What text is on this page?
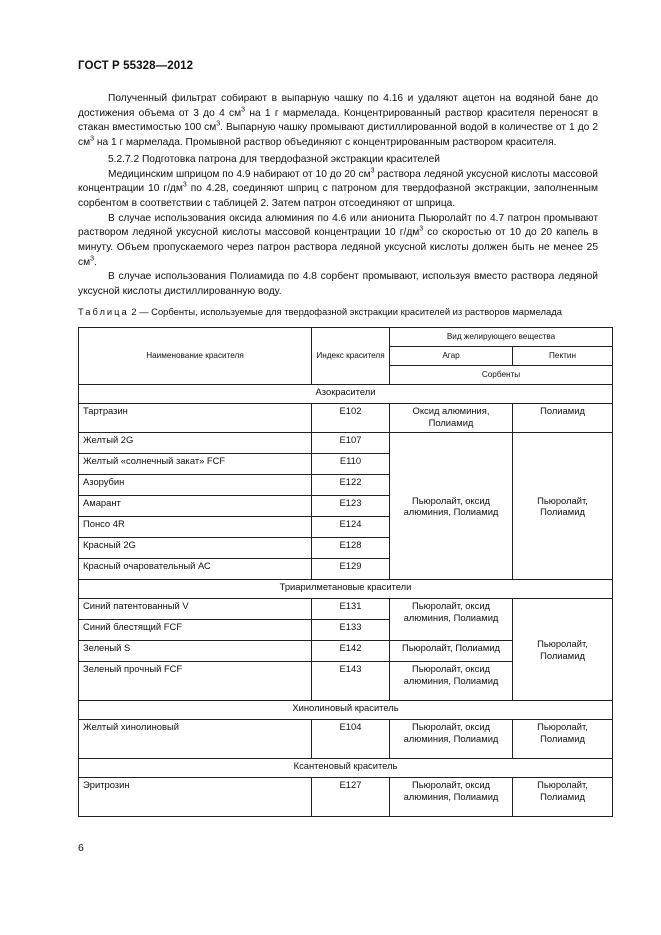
ГОСТ Р 55328—2012

Полученный фильтрат собирают в выпарную чашку по 4.16 и удаляют ацетон на водяной бане до достижения объема от 3 до 4 $см^3$ на 1 г мармелада. Концентрированный раствор красителя переносят в стакан вместимостью 100 $см^3$. Выпарную чашку промывают дистиллированной водой в количестве от 1 до 2 $см^3$ на 1 г мармелада. Промывной раствор объединяют с концентрированным раствором красителя.

5.2.7.2 Подготовка патрона для твердофазной экстракции красителей

Медицинским шприцом по 4.9 набирают от 10 до 20 $см^3$ раствора ледяной уксусной кислоты массовой концентрации 10 $г/дм^3$ по 4.28, соединяют шприц с патроном для твердофазной экстракции, заполненным сорбентом в соответствии с таблицей 2. Затем патрон отсоединяют от шприца.

В случае использования оксида алюминия по 4.6 или анионита Пьюролайт по 4.7 патрон промывают раствором ледяной уксусной кислоты массовой концентрации 10 $г/дм^3$ со скоростью от 10 до 20 капель в минуту. Объем пропускаемого через патрон раствора ледяной уксусной кислоты должен быть не менее 25 $см^3$.

В случае использования Полиамида по 4.8 сорбент промывают, используя вместо раствора ледяной уксусной кислоты дистиллированную воду.

Таблица 2 — Сорбенты, используемые для твердофазной экстракции красителей из растворов мармелада
Наименование красителя	Индекс красителя	Вид желирующего вещества	
		Агар	Пектин
		Сорбенты	
Азокрасители			
Тартразин	E102	Оксид алюминия, Полиамид	Полиамид
Желтый 2G	E107	Пьюролайт, оксид алюминия, Полиамид	Пьюролайт, Полиамид
Желтый «солнечный закат» FCF	E110		
Азорубин	E122		
Амарант	E123		
Понсо 4R	E124		
Красный 2G	E128		
Красный очаровательный АС	E129		
Триарилметановые красители			
Синий патентованный V	E131	Пьюролайт, оксид алюминия, Полиамид	Пьюролайт, Полиамид
Синий блестящий FCF	E133		
Зеленый S	E142	Пьюролайт, Полиамид	
Зеленый прочный FCF	E143	Пьюролайт, оксид алюминия, Полиамид	
Хинолиновый краситель			
Желтый хинолиновый	E104	Пьюролайт, оксид алюминия, Полиамид	Пьюролайт, Полиамид
Ксантеновый краситель			
Эритрозин	E127	Пьюролайт, оксид алюминия, Полиамид	Пьюролайт, Полиамид
6
